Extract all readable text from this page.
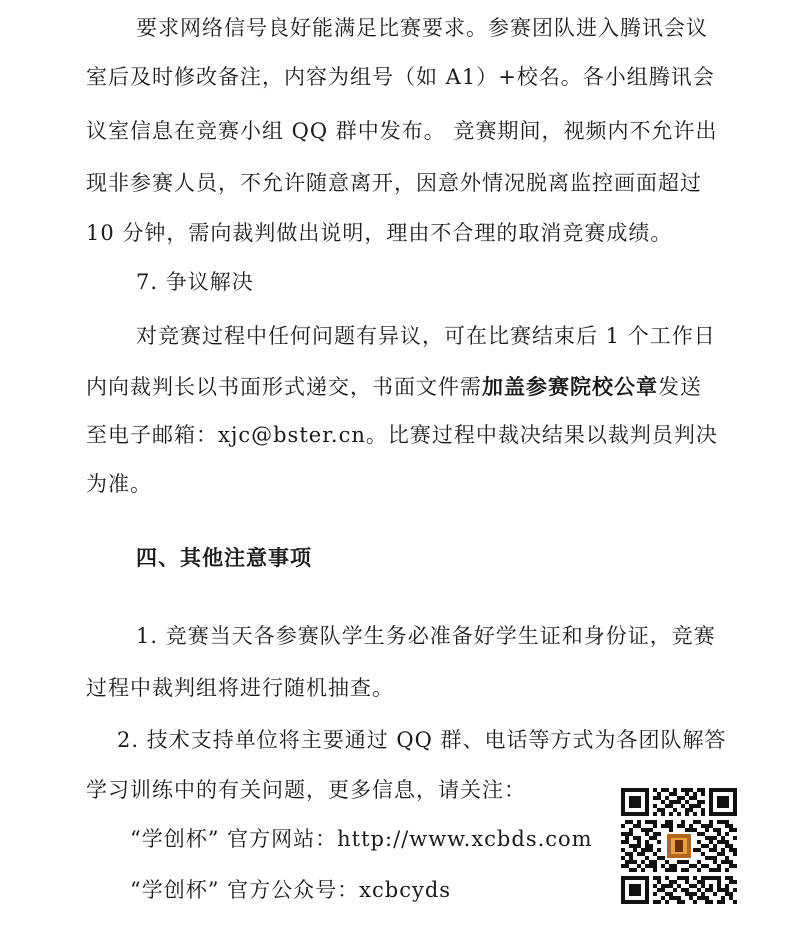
要求网络信号良好能满足比赛要求。参赛团队进入腾讯会议
室后及时修改备注，内容为组号（如 A1）+校名。各小组腾讯会
议室信息在竞赛小组 QQ 群中发布。 竞赛期间，视频内不允许出
现非参赛人员，不允许随意离开，因意外情况脱离监控画面超过
10 分钟，需向裁判做出说明，理由不合理的取消竞赛成绩。
7. 争议解决
对竞赛过程中任何问题有异议，可在比赛结束后 1 个工作日
内向裁判长以书面形式递交，书面文件需加盖参赛院校公章发送
至电子邮箱：xjc@bster.cn。比赛过程中裁决结果以裁判员判决
为准。
四、其他注意事项
1. 竞赛当天各参赛队学生务必准备好学生证和身份证，竞赛
过程中裁判组将进行随机抽查。
2. 技术支持单位将主要通过 QQ 群、电话等方式为各团队解答
学习训练中的有关问题，更多信息，请关注：
“学创杯” 官方网站：http://www.xcbds.com
“学创杯” 官方公众号：xcbcyds
